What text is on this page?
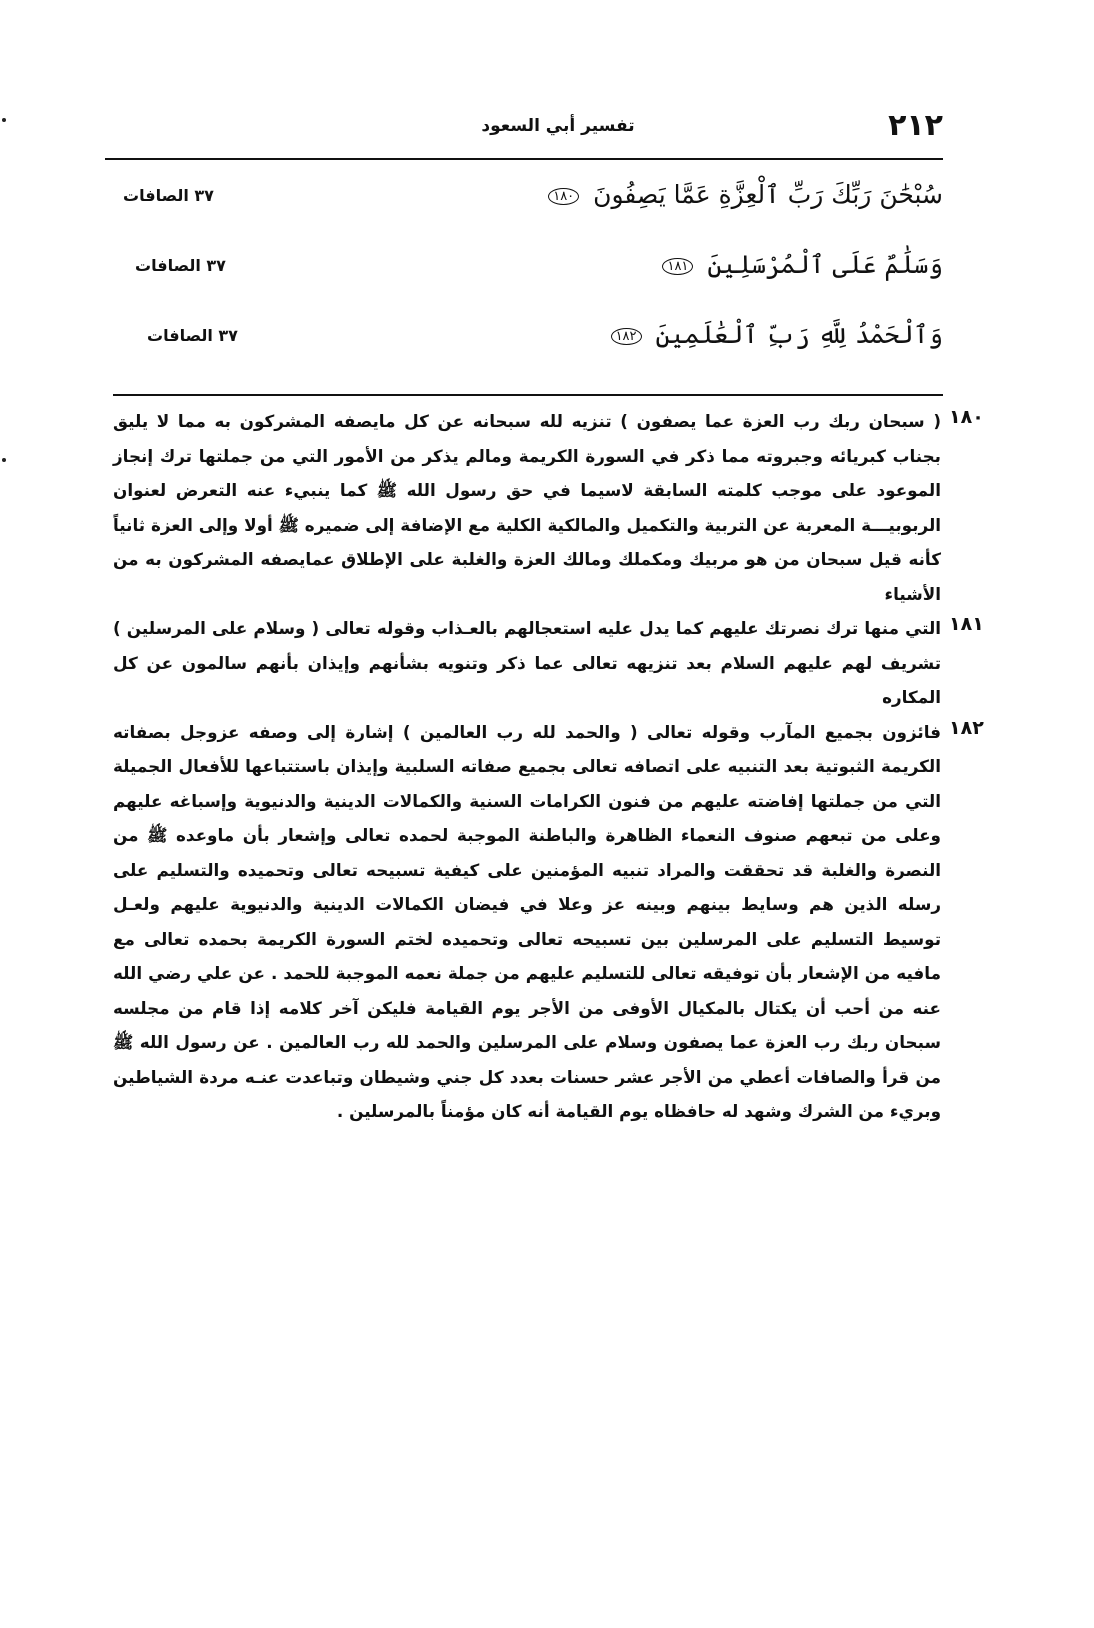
٢١٢
تفسير أبي السعود
سُبْحَٰنَ رَبِّكَ رَبِّ ٱلْعِزَّةِ عَمَّا يَصِفُونَ ١٨٠
٣٧ الصافات
وَسَلَٰمٌ عَلَى ٱلْمُرْسَلِينَ ١٨١
٣٧ الصافات
وَٱلْحَمْدُ لِلَّهِ رَبِّ ٱلْعَٰلَمِينَ ١٨٢
٣٧ الصافات
١٨٠
( سبحان ربك رب العزة عما يصفون ) تنزيه لله سبحانه عن كل مايصفه المشركون به مما لا يليق بجناب كبريائه وجبروته مما ذكر في السورة الكريمة ومالم يذكر من الأمور التي من جملتها ترك إنجاز الموعود على موجب كلمته السابقة لاسيما في حق رسول الله ﷺ كما ينبيء عنه التعرض لعنوان الربوبيـــة المعربة عن التربية والتكميل والمالكية الكلية مع الإضافة إلى ضميره ﷺ أولا وإلى العزة ثانياً كأنه قيل سبحان من هو مربيك ومكملك ومالك العزة والغلبة على الإطلاق عمايصفه المشركون به من الأشياء
١٨١
التي منها ترك نصرتك عليهم كما يدل عليه استعجالهم بالعـذاب وقوله تعالى ( وسلام على المرسلين ) تشريف لهم عليهم السلام بعد تنزيهه تعالى عما ذكر وتنويه بشأنهم وإيذان بأنهم سالمون عن كل المكاره
١٨٢
فائزون بجميع المآرب وقوله تعالى ( والحمد لله رب العالمين ) إشارة إلى وصفه عزوجل بصفاته الكريمة الثبوتية بعد التنبيه على اتصافه تعالى بجميع صفاته السلبية وإيذان باستتباعها للأفعال الجميلة التي من جملتها إفاضته عليهم من فنون الكرامات السنية والكمالات الدينية والدنيوية وإسباغه عليهم وعلى من تبعهم صنوف النعماء الظاهرة والباطنة الموجبة لحمده تعالى وإشعار بأن ماوعده ﷺ من النصرة والغلبة قد تحققت والمراد تنبيه المؤمنين على كيفية تسبيحه تعالى وتحميده والتسليم على رسله الذين هم وسايط بينهم وبينه عز وعلا في فيضان الكمالات الدينية والدنيوية عليهم ولعـل توسيط التسليم على المرسلين بين تسبيحه تعالى وتحميده لختم السورة الكريمة بحمده تعالى مع مافيه من الإشعار بأن توفيقه تعالى للتسليم عليهم من جملة نعمه الموجبة للحمد . عن علي رضي الله عنه من أحب أن يكتال بالمكيال الأوفى من الأجر يوم القيامة فليكن آخر كلامه إذا قام من مجلسه سبحان ربك رب العزة عما يصفون وسلام على المرسلين والحمد لله رب العالمين . عن رسول الله ﷺ من قرأ والصافات أعطي من الأجر عشر حسنات بعدد كل جني وشيطان وتباعدت عنـه مردة الشياطين وبريء من الشرك وشهد له حافظاه يوم القيامة أنه كان مؤمناً بالمرسلين .
